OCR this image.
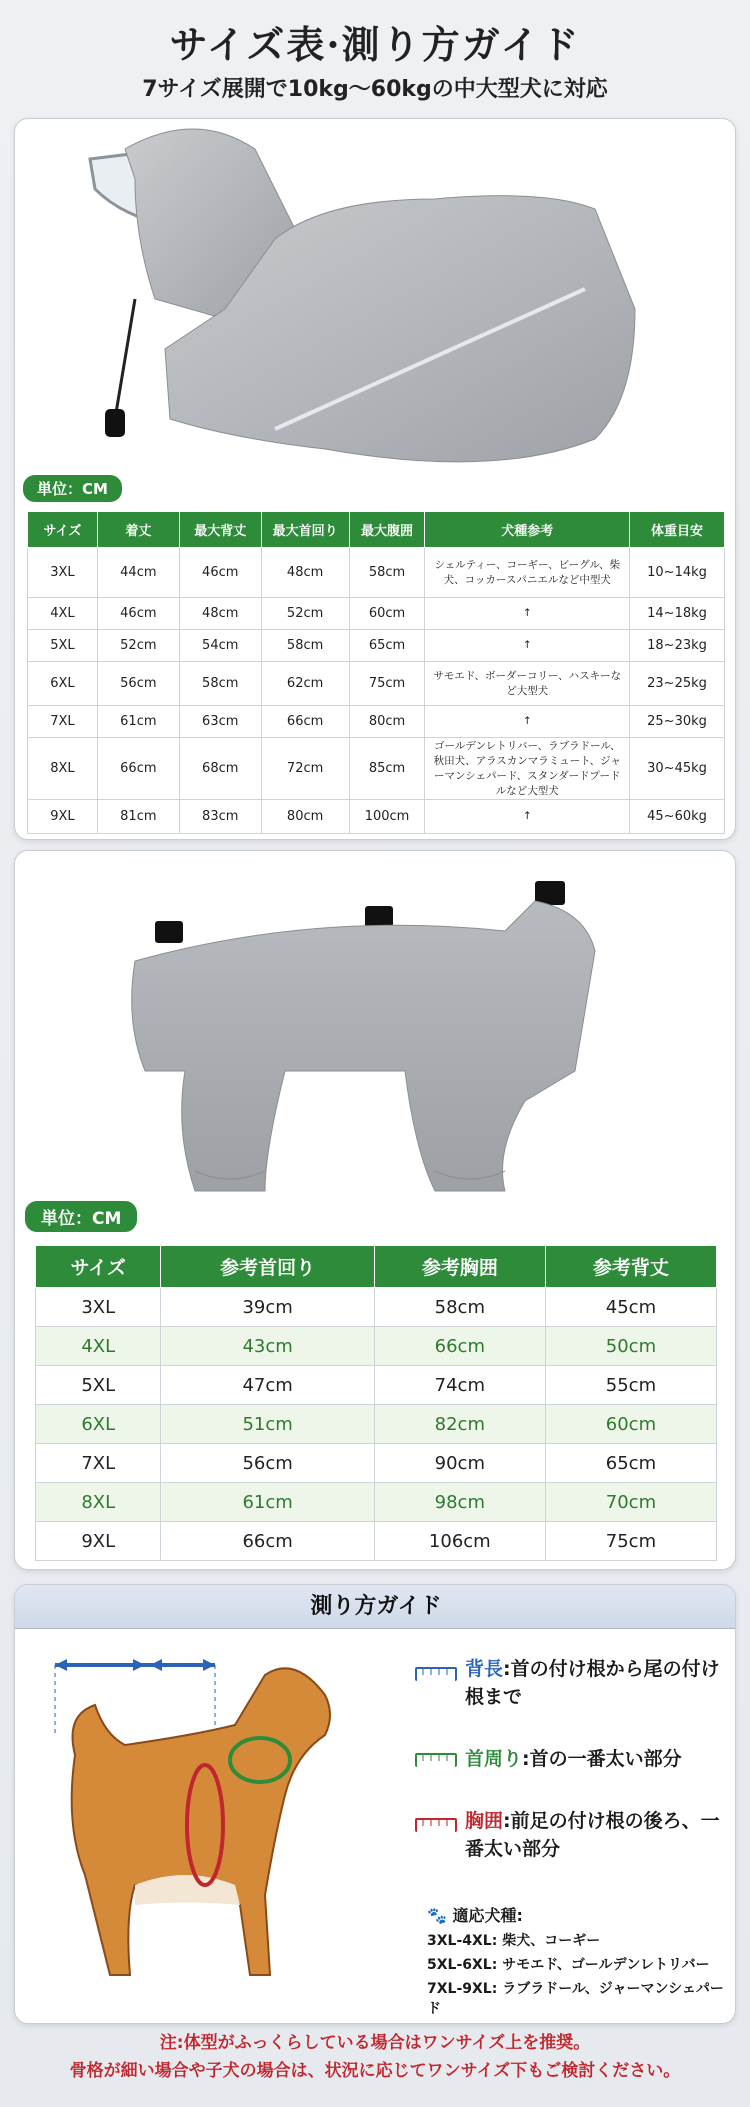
サイズ表·測り方ガイド
7サイズ展開で10kg～60kgの中大型犬に対応
単位：CM
サイズ	着丈	最大背丈	最大首回り	最大腹囲	犬種参考	体重目安
3XL	44cm	46cm	48cm	58cm	シェルティー、コーギー、ビーグル、柴犬、コッカースパニエルなど中型犬	10~14kg
4XL	46cm	48cm	52cm	60cm	↑	14~18kg
5XL	52cm	54cm	58cm	65cm	↑	18~23kg
6XL	56cm	58cm	62cm	75cm	サモエド、ボーダーコリー、ハスキーなど大型犬	23~25kg
7XL	61cm	63cm	66cm	80cm	↑	25~30kg
8XL	66cm	68cm	72cm	85cm	ゴールデンレトリバー、ラブラドール、秋田犬、アラスカンマラミュート、ジャーマンシェパード、スタンダードプードルなど大型犬	30~45kg
9XL	81cm	83cm	80cm	100cm	↑	45~60kg
単位：CM
サイズ	参考首回り	参考胸囲	参考背丈
3XL	39cm	58cm	45cm
4XL	43cm	66cm	50cm
5XL	47cm	74cm	55cm
6XL	51cm	82cm	60cm
7XL	56cm	90cm	65cm
8XL	61cm	98cm	70cm
9XL	66cm	106cm	75cm
測り方ガイド
背長:首の付け根から尾の付け根まで
首周り:首の一番太い部分
胸囲:前足の付け根の後ろ、一番太い部分
🐾 適応犬種:
3XL-4XL: 柴犬、コーギー
5XL-6XL: サモエド、ゴールデンレトリバー
7XL-9XL: ラブラドール、ジャーマンシェパード
注:体型がふっくらしている場合はワンサイズ上を推奨。
骨格が細い場合や子犬の場合は、状況に応じてワンサイズ下もご検討ください。
